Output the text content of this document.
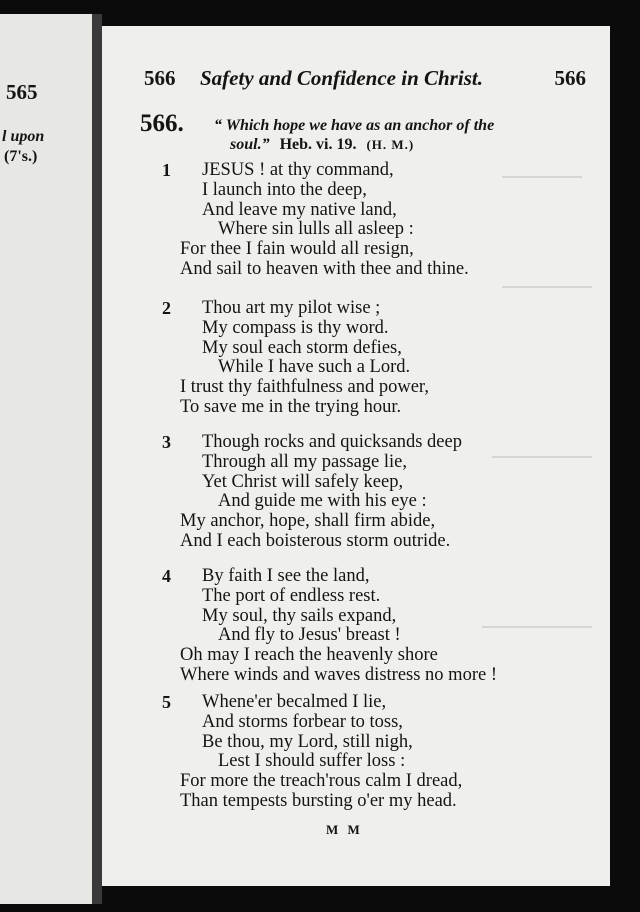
565
l upon
(7's.)
566 Safety and Confidence in Christ.	566
566. “ Which hope we have as an anchor of the
soul.” Heb. vi. 19. (H. M.)
1 JESUS ! at thy command,
I launch into the deep,
And leave my native land,
Where sin lulls all asleep :
For thee I fain would all resign,
And sail to heaven with thee and thine.
2 Thou art my pilot wise ;
My compass is thy word.
My soul each storm defies,
While I have such a Lord.
I trust thy faithfulness and power,
To save me in the trying hour.
3 Though rocks and quicksands deep
Through all my passage lie,
Yet Christ will safely keep,
And guide me with his eye :
My anchor, hope, shall firm abide,
And I each boisterous storm outride.
4 By faith I see the land,
The port of endless rest.
My soul, thy sails expand,
And fly to Jesus' breast !
Oh may I reach the heavenly shore
Where winds and waves distress no more !
5 Whene'er becalmed I lie,
And storms forbear to toss,
Be thou, my Lord, still nigh,
Lest I should suffer loss :
For more the treach'rous calm I dread,
Than tempests bursting o'er my head.
M M
